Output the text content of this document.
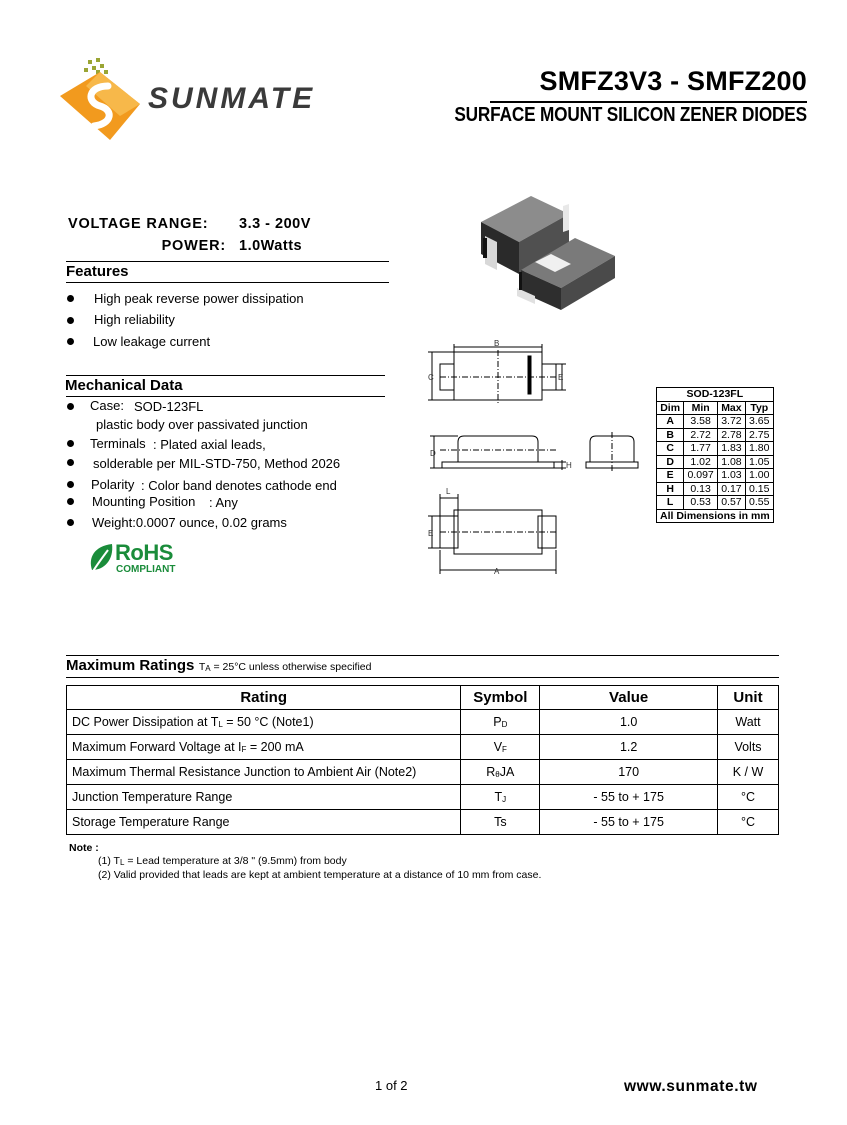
SUNMATE
SMFZ3V3 - SMFZ200
SURFACE MOUNT SILICON ZENER DIODES
VOLTAGE RANGE: 3.3 - 200V
POWER: 1.0Watts
Features
High peak reverse power dissipation
High reliability
Low leakage current
Mechanical Data
Case: SOD-123FL
plastic body over passivated junction
Terminals : Plated axial leads,
solderable per MIL-STD-750, Method 2026
Polarity : Color band denotes cathode end
Mounting Position : Any
Weight:0.0007 ounce, 0.02 grams
RoHS
COMPLIANT
B
C	E
D
H
L
E
A
SOD-123FL			
Dim	Min	Max	Typ
A	3.58	3.72	3.65
B	2.72	2.78	2.75
C	1.77	1.83	1.80
D	1.02	1.08	1.05
E	0.097	1.03	1.00
H	0.13	0.17	0.15
L	0.53	0.57	0.55
All Dimensions in mm			
Maximum Ratings $T_A = 25^\circ C$ unless otherwise specified
Rating	Symbol	Value	Unit
DC Power Dissipation at $T_L = 50$ °C (Note1)	$P_D$	1.0	Watt
Maximum Forward Voltage at $I_F = 200$ mA	$V_F$	1.2	Volts
Maximum Thermal Resistance Junction to Ambient Air (Note2)	$R_\theta JA$	170	K / W
Junction Temperature Range	$T_J$	- 55 to + 175	°C
Storage Temperature Range	Ts	- 55 to + 175	°C
Note :
(1) $T_L$ = Lead temperature at 3/8 " (9.5mm) from body
(2) Valid provided that leads are kept at ambient temperature at a distance of 10 mm from case.
1 of 2	www.sunmate.tw
